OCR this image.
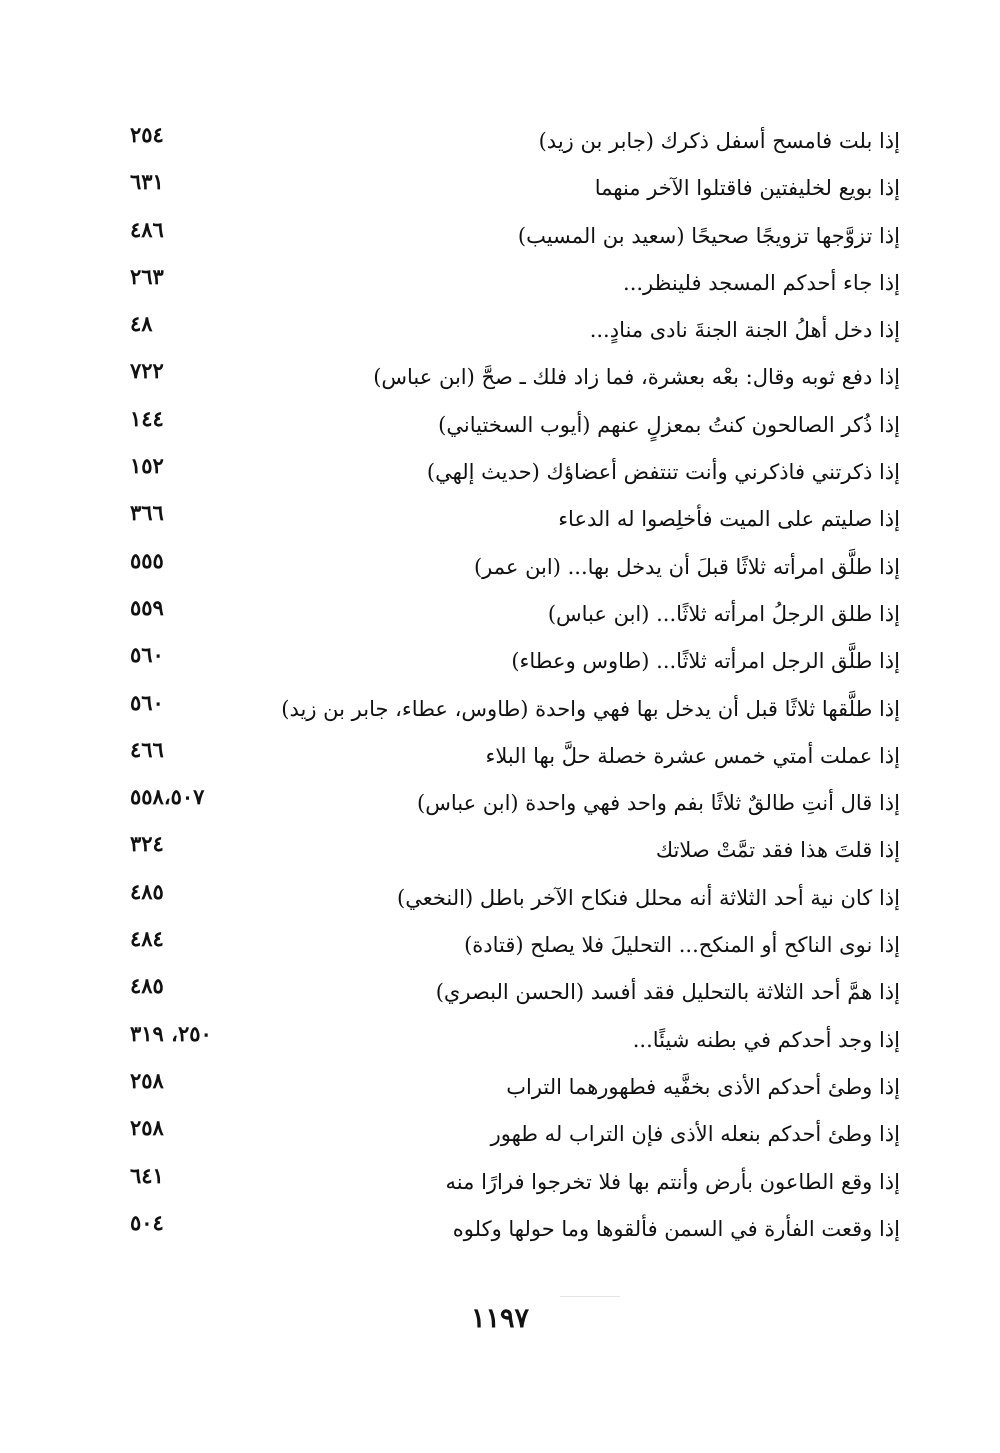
إذا بلت فامسح أسفل ذكرك (جابر بن زيد)
٢٥٤
إذا بويع لخليفتين فاقتلوا الآخر منهما
٦٣١
إذا تزوَّجها تزويجًا صحيحًا (سعيد بن المسيب)
٤٨٦
إذا جاء أحدكم المسجد فلينظر...
٢٦٣
إذا دخل أهلُ الجنة الجنةَ نادى منادٍ...
٤٨
إذا دفع ثوبه وقال: بعْه بعشرة، فما زاد فلك ـ صحَّ (ابن عباس)
٧٢٢
إذا ذُكر الصالحون كنتُ بمعزلٍ عنهم (أيوب السختياني)
١٤٤
إذا ذكرتني فاذكرني وأنت تنتفض أعضاؤك (حديث إلهي)
١٥٢
إذا صليتم على الميت فأخلِصوا له الدعاء
٣٦٦
إذا طلَّق امرأته ثلاثًا قبلَ أن يدخل بها... (ابن عمر)
٥٥٥
إذا طلق الرجلُ امرأته ثلاثًا... (ابن عباس)
٥٥٩
إذا طلَّق الرجل امرأته ثلاثًا... (طاوس وعطاء)
٥٦٠
إذا طلَّقها ثلاثًا قبل أن يدخل بها فهي واحدة (طاوس، عطاء، جابر بن زيد)
٥٦٠
إذا عملت أمتي خمس عشرة خصلة حلَّ بها البلاء
٤٦٦
إذا قال أنتِ طالقٌ ثلاثًا بفم واحد فهي واحدة (ابن عباس)
٥٥٨،٥٠٧
إذا قلتَ هذا فقد تمَّتْ صلاتك
٣٢٤
إذا كان نية أحد الثلاثة أنه محلل فنكاح الآخر باطل (النخعي)
٤٨٥
إذا نوى الناكح أو المنكح... التحليلَ فلا يصلح (قتادة)
٤٨٤
إذا همَّ أحد الثلاثة بالتحليل فقد أفسد (الحسن البصري)
٤٨٥
إذا وجد أحدكم في بطنه شيئًا...
٢٥٠، ٣١٩
إذا وطئ أحدكم الأذى بخفَّيه فطهورهما التراب
٢٥٨
إذا وطئ أحدكم بنعله الأذى فإن التراب له طهور
٢٥٨
إذا وقع الطاعون بأرض وأنتم بها فلا تخرجوا فرارًا منه
٦٤١
إذا وقعت الفأرة في السمن فألقوها وما حولها وكلوه
٥٠٤
١١٩٧
